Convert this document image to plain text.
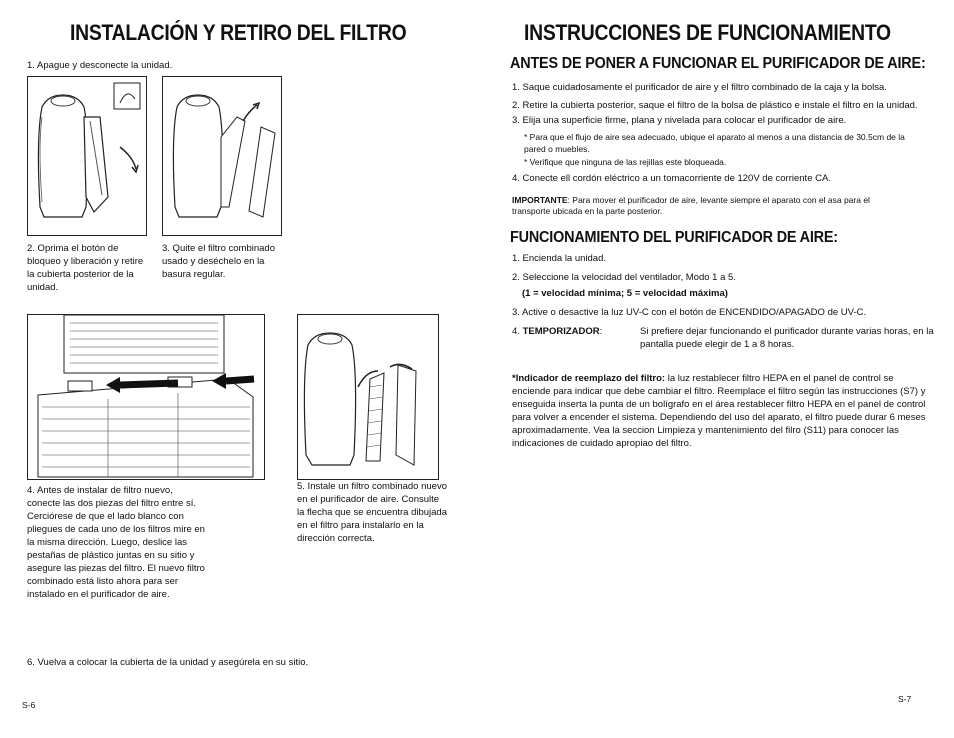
INSTALACIÓN Y RETIRO DEL FILTRO
1. Apague y desconecte la unidad.
2. Oprima el botón de bloqueo y liberación y retire la cubierta posterior de la unidad.
3. Quite el filtro combinado usado y deséchelo en la basura regular.
4. Antes de instalar de filtro nuevo, conecte las dos piezas del filtro entre sí. Cerciórese de que el lado blanco con pliegues de cada uno de los filtros mire en la misma dirección. Luego, deslice las pestañas de plástico juntas en su sitio y asegure las piezas del filtro. El nuevo filtro combinado está listo ahora para ser instalado en el purificador de aire.
5. Instale un filtro combinado nuevo en el purificador de aire. Consulte la flecha que se encuentra dibujada en el filtro para instalarlo en la dirección correcta.
6. Vuelva a colocar la cubierta de la unidad y asegúrela en su sitio.
S-6
INSTRUCCIONES DE FUNCIONAMIENTO
ANTES DE PONER A FUNCIONAR EL PURIFICADOR DE AIRE:
1. Saque cuidadosamente el purificador de aire y el filtro combinado de la caja y la bolsa.
2. Retire la cubierta posterior, saque el filtro de la bolsa de plástico e instale el filtro en la unidad.
3. Elija una superficie firme, plana y nivelada para colocar el purificador de aire.
* Para que el flujo de aire sea adecuado, ubique el aparato al menos a una distancia de 30.5cm de la pared o muebles.
* Verifique que ninguna de las rejillas este bloqueada.
4. Conecte ell cordón eléctrico a un tomacorriente de 120V de corriente CA.
IMPORTANTE: Para mover el purificador de aire, levante siempre el aparato con el asa para el transporte ubicada en la parte posterior.
FUNCIONAMIENTO DEL PURIFICADOR DE AIRE:
1. Encienda la unidad.
2. Seleccione la velocidad del ventilador, Modo 1 a 5.
(1 = velocidad mínima; 5 = velocidad máxima)
3. Active o desactive la luz UV-C con el botón de ENCENDIDO/APAGADO de UV-C.
4. TEMPORIZADOR:	Si prefiere dejar funcionando el purificador durante varias horas, en la pantalla puede elegir de 1 a 8 horas.
*Indicador de reemplazo del filtro: la luz restablecer filtro HEPA en el panel de control se enciende para indicar que debe cambiar el filtro. Reemplace el filtro según las instrucciones (S7) y enseguida inserta la punta de un bolígrafo en el área restablecer filtro HEPA en el panel de control para volver a encender el sistema. Dependiendo del uso del aparato, el filtro puede durar 6 meses aproximadamente. Vea la seccion Limpieza y mantenimiento del filro (S11) para conocer las indicaciones de cuidado apropiao del filtro.
S-7
